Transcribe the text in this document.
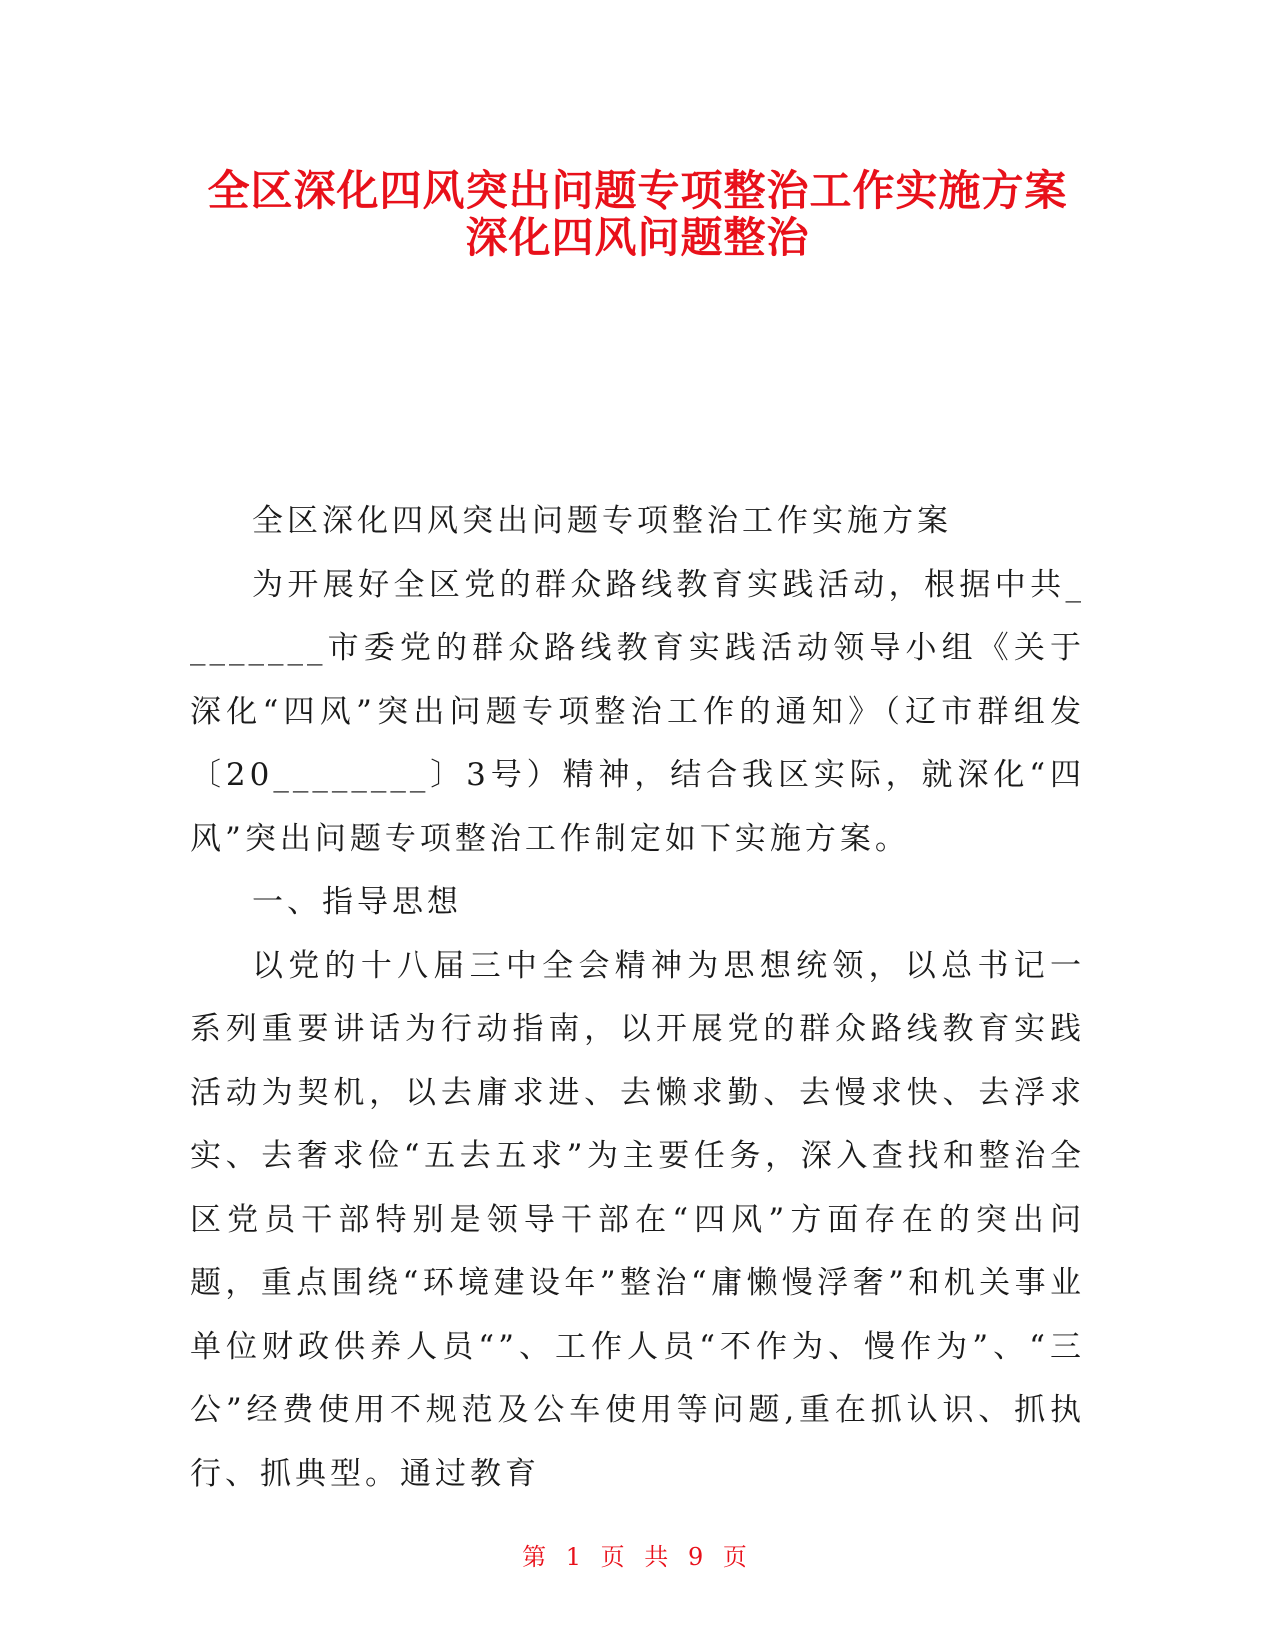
全区深化四风突出问题专项整治工作实施方案
深化四风问题整治

全区深化四风突出问题专项整治工作实施方案

为开展好全区党的群众路线教育实践活动，根据中共________市委党的群众路线教育实践活动领导小组《关于深化“四风”突出问题专项整治工作的通知》（辽市群组发〔20________〕3号）精神，结合我区实际，就深化“四风”突出问题专项整治工作制定如下实施方案。

一、指导思想

以党的十八届三中全会精神为思想统领，以总书记一系列重要讲话为行动指南，以开展党的群众路线教育实践活动为契机，以去庸求进、去懒求勤、去慢求快、去浮求实、去奢求俭“五去五求”为主要任务，深入查找和整治全区党员干部特别是领导干部在“四风”方面存在的突出问题，重点围绕“环境建设年”整治“庸懒慢浮奢”和机关事业单位财政供养人员“”、工作人员“不作为、慢作为”、“三公”经费使用不规范及公车使用等问题,重在抓认识、抓执行、抓典型。通过教育

第 1 页 共 9 页
